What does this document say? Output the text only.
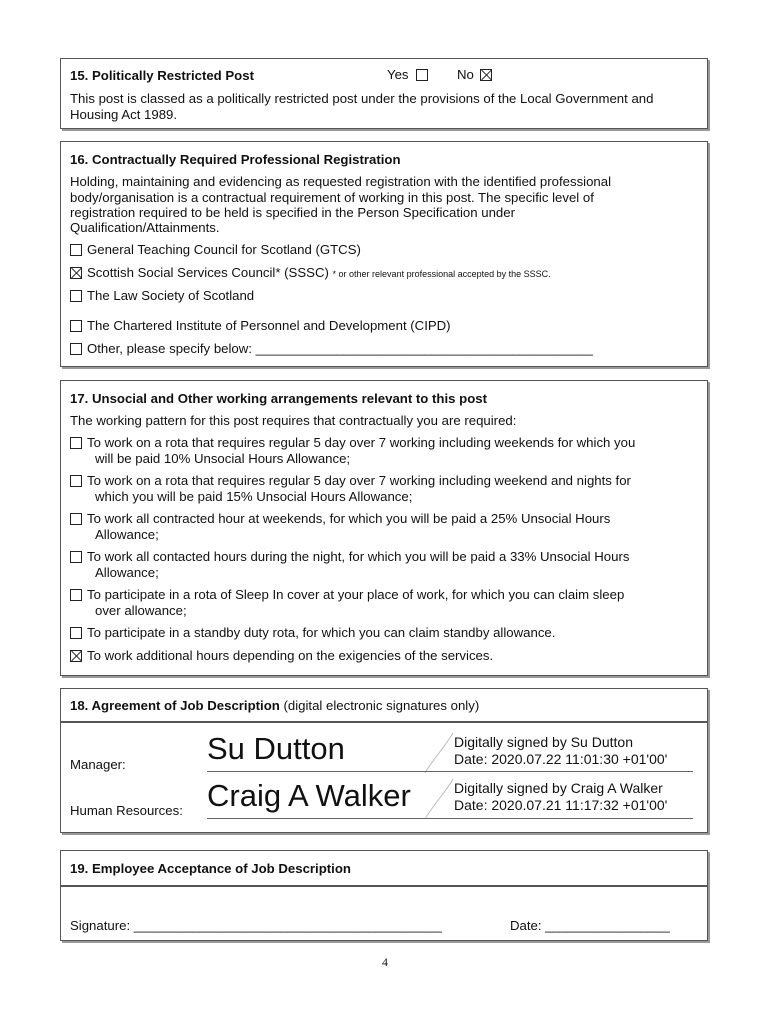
15. Politically Restricted Post	Yes	No
This post is classed as a politically restricted post under the provisions of the Local Government and
Housing Act 1989.
16. Contractually Required Professional Registration
Holding, maintaining and evidencing as requested registration with the identified professional
body/organisation is a contractual requirement of working in this post. The specific level of
registration required to be held is specified in the Person Specification under
Qualification/Attainments.
General Teaching Council for Scotland (GTCS)
Scottish Social Services Council* (SSSC) * or other relevant professional accepted by the SSSC.
The Law Society of Scotland
The Chartered Institute of Personnel and Development (CIPD)
Other, please specify below: ______________________________________________
17. Unsocial and Other working arrangements relevant to this post
The working pattern for this post requires that contractually you are required:
To work on a rota that requires regular 5 day over 7 working including weekends for which you
will be paid 10% Unsocial Hours Allowance;
To work on a rota that requires regular 5 day over 7 working including weekend and nights for
which you will be paid 15% Unsocial Hours Allowance;
To work all contracted hour at weekends, for which you will be paid a 25% Unsocial Hours
Allowance;
To work all contacted hours during the night, for which you will be paid a 33% Unsocial Hours
Allowance;
To participate in a rota of Sleep In cover at your place of work, for which you can claim sleep
over allowance;
To participate in a standby duty rota, for which you can claim standby allowance.
To work additional hours depending on the exigencies of the services.
18. Agreement of Job Description (digital electronic signatures only)
Manager:	Su Dutton	Digitally signed by Su Dutton
Date: 2020.07.22 11:01:30 +01'00'
Human Resources: Craig A Walker	Digitally signed by Craig A Walker
Date: 2020.07.21 11:17:32 +01'00'
19. Employee Acceptance of Job Description
Signature: __________________________________________	Date: _________________
4
